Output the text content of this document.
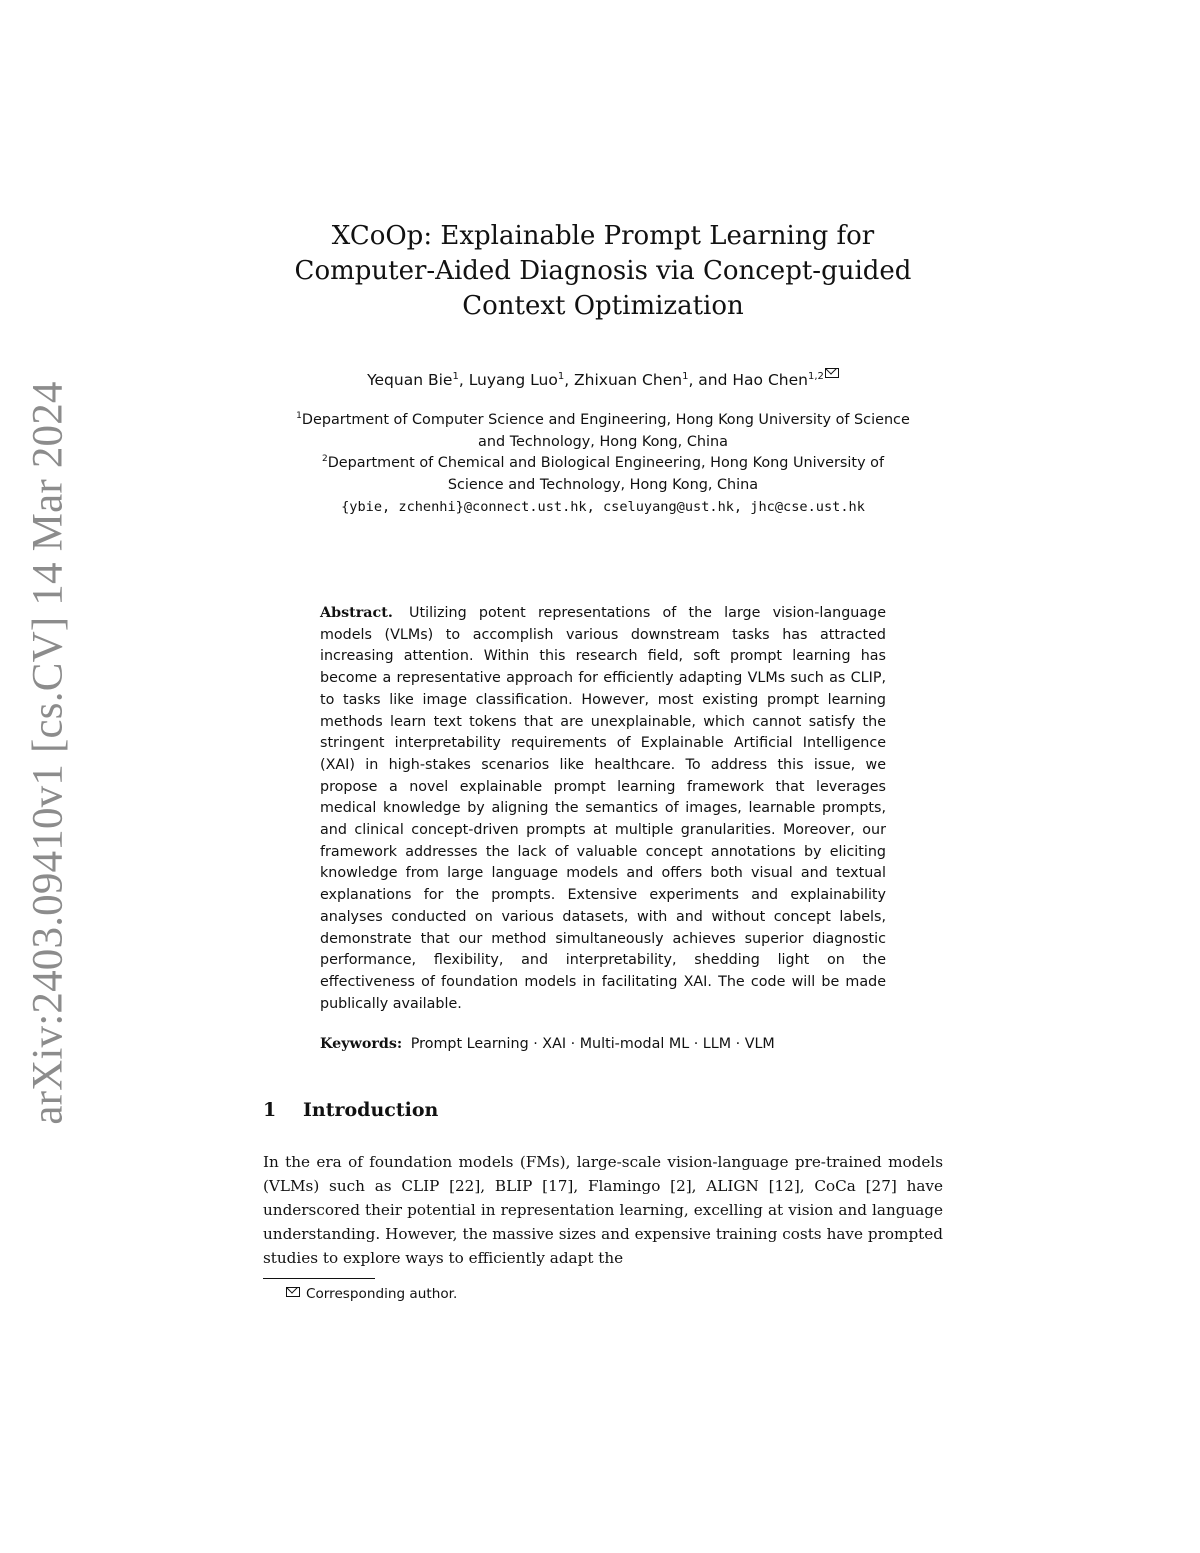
arXiv:2403.09410v1 [cs.CV] 14 Mar 2024
XCoOp: Explainable Prompt Learning for
Computer-Aided Diagnosis via Concept-guided
Context Optimization
Yequan Bie$^1$, Luyang Luo$^1$, Zhixuan Chen$^1$, and Hao Chen$^{1,2}$
$^1$Department of Computer Science and Engineering, Hong Kong University of Science
and Technology, Hong Kong, China
$^2$Department of Chemical and Biological Engineering, Hong Kong University of
Science and Technology, Hong Kong, China
{ybie, zchenhi}@connect.ust.hk, cseluyang@ust.hk, jhc@cse.ust.hk
Abstract. Utilizing potent representations of the large vision-language models (VLMs) to accomplish various downstream tasks has attracted increasing attention. Within this research field, soft prompt learning has become a representative approach for efficiently adapting VLMs such as CLIP, to tasks like image classification. However, most existing prompt learning methods learn text tokens that are unexplainable, which cannot satisfy the stringent interpretability requirements of Explainable Artificial Intelligence (XAI) in high-stakes scenarios like healthcare. To address this issue, we propose a novel explainable prompt learning framework that leverages medical knowledge by aligning the semantics of images, learnable prompts, and clinical concept-driven prompts at multiple granularities. Moreover, our framework addresses the lack of valuable concept annotations by eliciting knowledge from large language models and offers both visual and textual explanations for the prompts. Extensive experiments and explainability analyses conducted on various datasets, with and without concept labels, demonstrate that our method simultaneously achieves superior diagnostic performance, flexibility, and interpretability, shedding light on the effectiveness of foundation models in facilitating XAI. The code will be made publically available.
Keywords: Prompt Learning · XAI · Multi-modal ML · LLM · VLM
1 Introduction
In the era of foundation models (FMs), large-scale vision-language pre-trained models (VLMs) such as CLIP [22], BLIP [17], Flamingo [2], ALIGN [12], CoCa [27] have underscored their potential in representation learning, excelling at vision and language understanding. However, the massive sizes and expensive training costs have prompted studies to explore ways to efficiently adapt the
Corresponding author.
